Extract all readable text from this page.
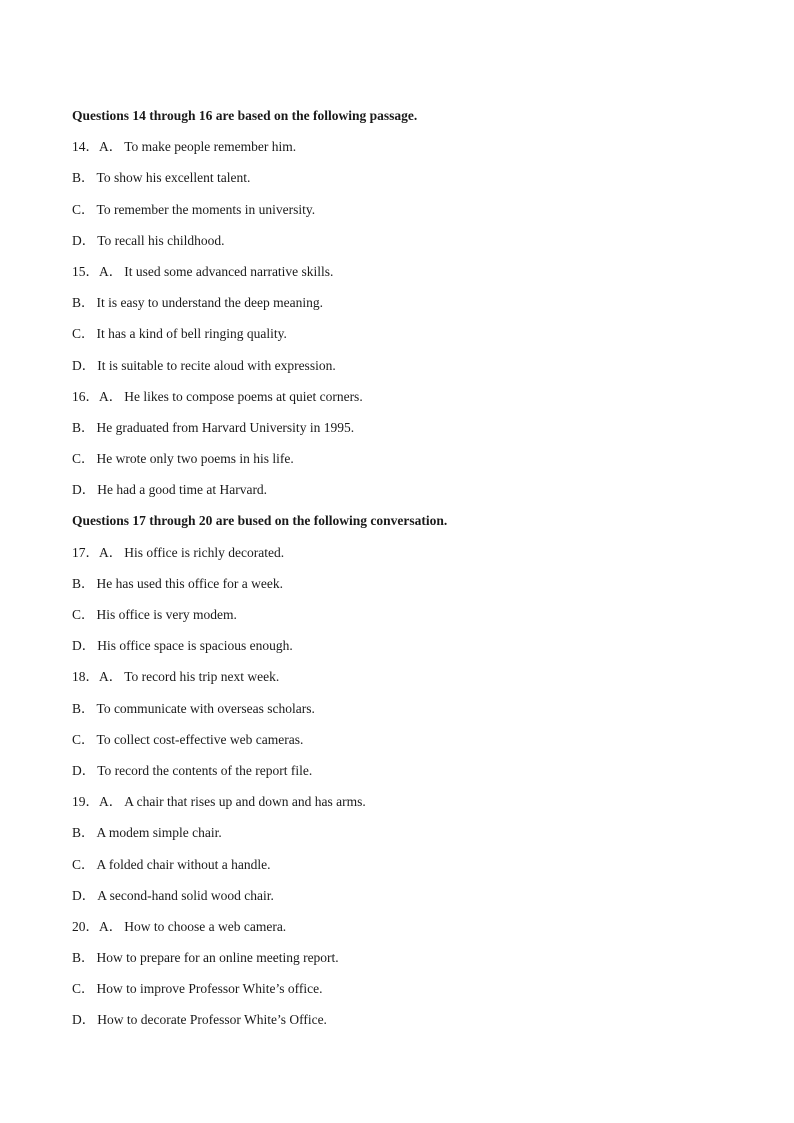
Questions 14 through 16 are based on the following passage.
14．A． To make people remember him.
B． To show his excellent talent.
C． To remember the moments in university.
D． To recall his childhood.
15．A． It used some advanced narrative skills.
B． It is easy to understand the deep meaning.
C． It has a kind of bell ringing quality.
D． It is suitable to recite aloud with expression.
16．A． He likes to compose poems at quiet corners.
B． He graduated from Harvard University in 1995.
C． He wrote only two poems in his life.
D． He had a good time at Harvard.
Questions 17 through 20 are bused on the following conversation.
17．A． His office is richly decorated.
B． He has used this office for a week.
C． His office is very modem.
D． His office space is spacious enough.
18．A． To record his trip next week.
B． To communicate with overseas scholars.
C． To collect cost-effective web cameras.
D． To record the contents of the report file.
19．A． A chair that rises up and down and has arms.
B． A modem simple chair.
C． A folded chair without a handle.
D． A second-hand solid wood chair.
20．A． How to choose a web camera.
B． How to prepare for an online meeting report.
C． How to improve Professor White’s office.
D． How to decorate Professor White’s Office.
